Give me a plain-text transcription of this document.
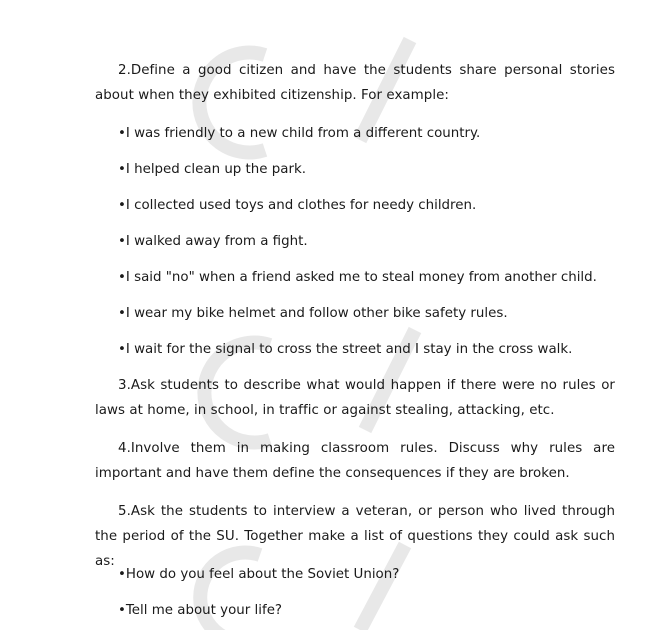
2.Define a good citizen and have the students share personal stories about when they exhibited citizenship. For example:

•I was friendly to a new child from a different country.

•I helped clean up the park.

•I collected used toys and clothes for needy children.

•I walked away from a fight.

•I said "no" when a friend asked me to steal money from another child.

•I wear my bike helmet and follow other bike safety rules.

•I wait for the signal to cross the street and I stay in the cross walk.

3.Ask students to describe what would happen if there were no rules or laws at home, in school, in traffic or against stealing, attacking, etc.

4.Involve them in making classroom rules. Discuss why rules are important and have them define the consequences if they are broken.

5.Ask the students to interview a veteran, or person who lived through the period of the SU. Together make a list of questions they could ask such as:

•How do you feel about the Soviet Union?

•Tell me about your life?
